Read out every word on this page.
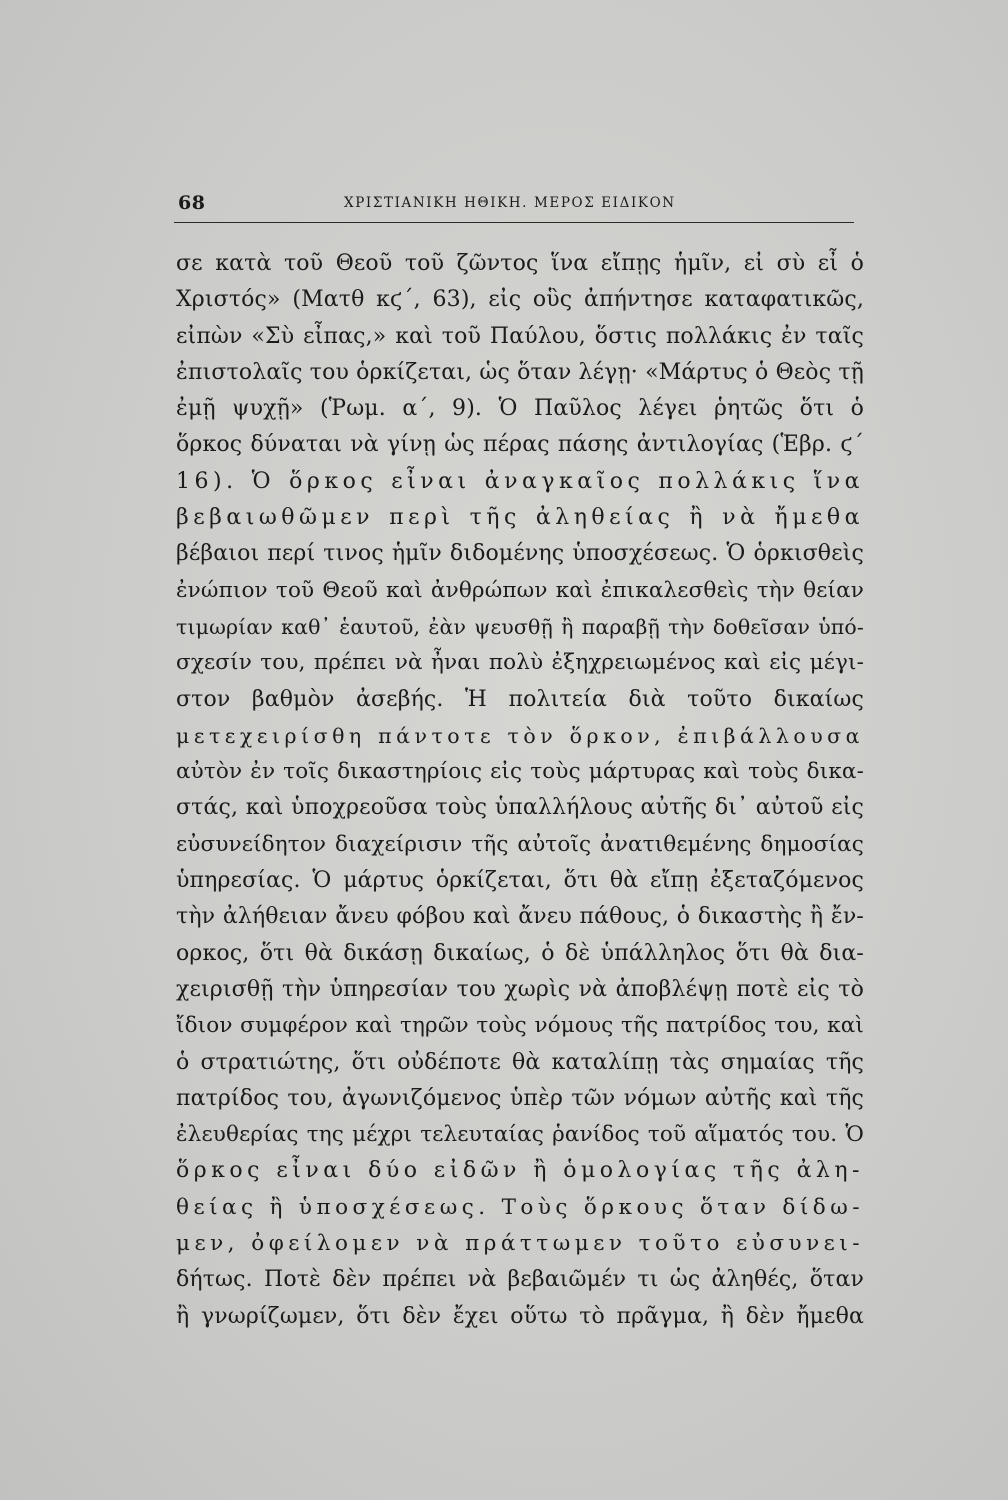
68	ΧΡΙΣΤΙΑΝΙΚΗ ΗΘΙΚΗ. ΜΕΡΟΣ ΕΙΔΙΚΟΝ
σε κατὰ τοῦ Θεοῦ τοῦ ζῶντος ἵνα εἴπῃς ἡμῖν, εἰ σὺ εἶ ὁ
Χριστός» (Ματθ κϛ΄, 63), εἰς οὓς ἀπήντησε καταφατικῶς,
εἰπὼν «Σὺ εἶπας,» καὶ τοῦ Παύλου, ὅστις πολλάκις ἐν ταῖς
ἐπιστολαῖς του ὁρκίζεται, ὡς ὅταν λέγῃ· «Μάρτυς ὁ Θεὸς τῇ
ἐμῇ ψυχῇ» (Ῥωμ. α΄, 9). Ὁ Παῦλος λέγει ῥητῶς ὅτι ὁ
ὅρκος δύναται νὰ γίνῃ ὡς πέρας πάσης ἀντιλογίας (Ἑβρ. ϛ΄
16). Ὁ ὅρκος εἶναι ἀναγκαῖος πολλάκις ἵνα
βεβαιωθῶμεν περὶ τῆς ἀληθείας ἢ νὰ ἤμεθα
βέβαιοι περί τινος ἡμῖν διδομένης ὑποσχέσεως. Ὁ ὁρκισθεὶς
ἐνώπιον τοῦ Θεοῦ καὶ ἀνθρώπων καὶ ἐπικαλεσθεὶς τὴν θείαν
τιμωρίαν καθ᾽ ἑαυτοῦ, ἐὰν ψευσθῇ ἢ παραβῇ τὴν δοθεῖσαν ὑπό-
σχεσίν του, πρέπει νὰ ἦναι πολὺ ἐξηχρειωμένος καὶ εἰς μέγι-
στον βαθμὸν ἀσεβής. Ἡ πολιτεία διὰ τοῦτο δικαίως
μετεχειρίσθη πάντοτε τὸν ὅρκον, ἐπιβάλλουσα
αὐτὸν ἐν τοῖς δικαστηρίοις εἰς τοὺς μάρτυρας καὶ τοὺς δικα-
στάς, καὶ ὑποχρεοῦσα τοὺς ὑπαλλήλους αὐτῆς δι᾽ αὐτοῦ εἰς
εὐσυνείδητον διαχείρισιν τῆς αὐτοῖς ἀνατιθεμένης δημοσίας
ὑπηρεσίας. Ὁ μάρτυς ὁρκίζεται, ὅτι θὰ εἴπῃ ἐξεταζόμενος
τὴν ἀλήθειαν ἄνευ φόβου καὶ ἄνευ πάθους, ὁ δικαστὴς ἢ ἔν-
ορκος, ὅτι θὰ δικάσῃ δικαίως, ὁ δὲ ὑπάλληλος ὅτι θὰ δια-
χειρισθῇ τὴν ὑπηρεσίαν του χωρὶς νὰ ἀποβλέψῃ ποτὲ εἰς τὸ
ἴδιον συμφέρον καὶ τηρῶν τοὺς νόμους τῆς πατρίδος του, καὶ
ὁ στρατιώτης, ὅτι οὐδέποτε θὰ καταλίπῃ τὰς σημαίας τῆς
πατρίδος του, ἀγωνιζόμενος ὑπὲρ τῶν νόμων αὐτῆς καὶ τῆς
ἐλευθερίας της μέχρι τελευταίας ῥανίδος τοῦ αἵματός του. Ὁ
ὅρκος εἶναι δύο εἰδῶν ἢ ὁμολογίας τῆς ἀλη-
θείας ἢ ὑποσχέσεως. Τοὺς ὅρκους ὅταν δίδω-
μεν, ὀφείλομεν νὰ πράττωμεν τοῦτο εὐσυνει-
δήτως. Ποτὲ δὲν πρέπει νὰ βεβαιῶμέν τι ὡς ἀληθές, ὅταν
ἢ γνωρίζωμεν, ὅτι δὲν ἔχει οὕτω τὸ πρᾶγμα, ἢ δὲν ἤμεθα
